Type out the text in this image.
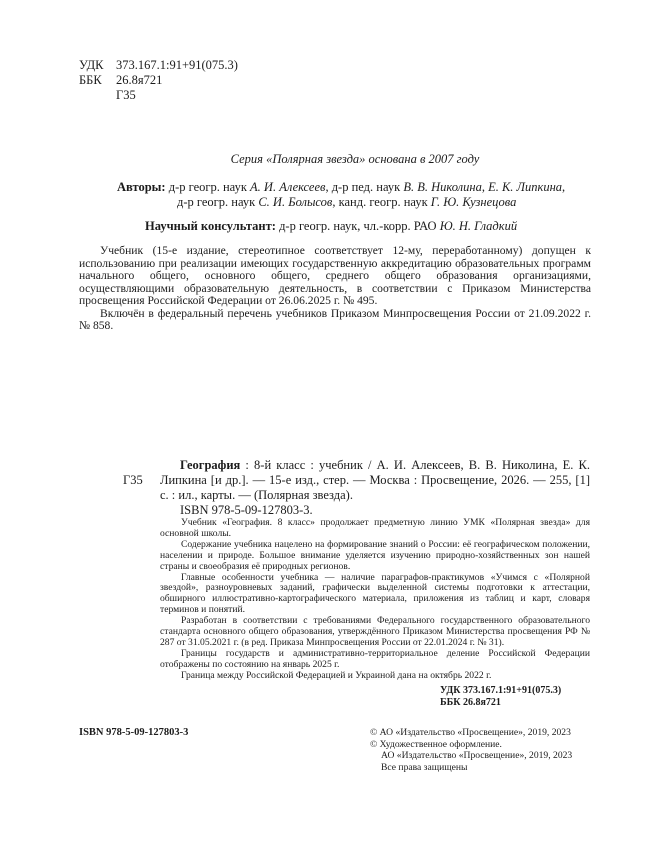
УДК 373.167.1:91+91(075.3)
ББК 26.8я721
Г35
Серия «Полярная звезда» основана в 2007 году
Авторы: д-р геогр. наук А. И. Алексеев, д-р пед. наук В. В. Николина, Е. К. Липкина,
д-р геогр. наук С. И. Болысов, канд. геогр. наук Г. Ю. Кузнецова
Научный консультант: д-р геогр. наук, чл.-корр. РАО Ю. Н. Гладкий

Учебник (15-е издание, стереотипное соответствует 12-му, переработанному) допущен к использованию при реализации имеющих государственную аккредитацию образовательных программ начального общего, основного общего, среднего общего образования организациями, осуществляющими образовательную деятельность, в соответствии с Приказом Министерства просвещения Российской Федерации от 26.06.2025 г. № 495.

Включён в федеральный перечень учебников Приказом Минпросвещения России от 21.09.2022 г. № 858.

Г35

География : 8-й класс : учебник / А. И. Алексеев, В. В. Николина, Е. К. Липкина [и др.]. — 15-е изд., стер. — Москва : Просвещение, 2026. — 255, [1] с. : ил., карты. — (Полярная звезда).

ISBN 978-5-09-127803-3.

Учебник «География. 8 класс» продолжает предметную линию УМК «Полярная звезда» для основной школы.

Содержание учебника нацелено на формирование знаний о России: её географическом положении, населении и природе. Большое внимание уделяется изучению природно-хозяйственных зон нашей страны и своеобразия её природных регионов.

Главные особенности учебника — наличие параграфов-практикумов «Учимся с «Полярной звездой», разноуровневых заданий, графически выделенной системы подготовки к аттестации, обширного иллюстративно-картографического материала, приложения из таблиц и карт, словаря терминов и понятий.

Разработан в соответствии с требованиями Федерального государственного образовательного стандарта основного общего образования, утверждённого Приказом Министерства просвещения РФ № 287 от 31.05.2021 г. (в ред. Приказа Минпросвещения России от 22.01.2024 г. № 31).

Границы государств и административно-территориальное деление Российской Федерации отображены по состоянию на январь 2025 г.

Граница между Российской Федерацией и Украиной дана на октябрь 2022 г.

УДК 373.167.1:91+91(075.3)
ББК 26.8я721
ISBN 978-5-09-127803-3	© АО «Издательство «Просвещение», 2019, 2023
© Художественное оформление.
АО «Издательство «Просвещение», 2019, 2023
Все права защищены
